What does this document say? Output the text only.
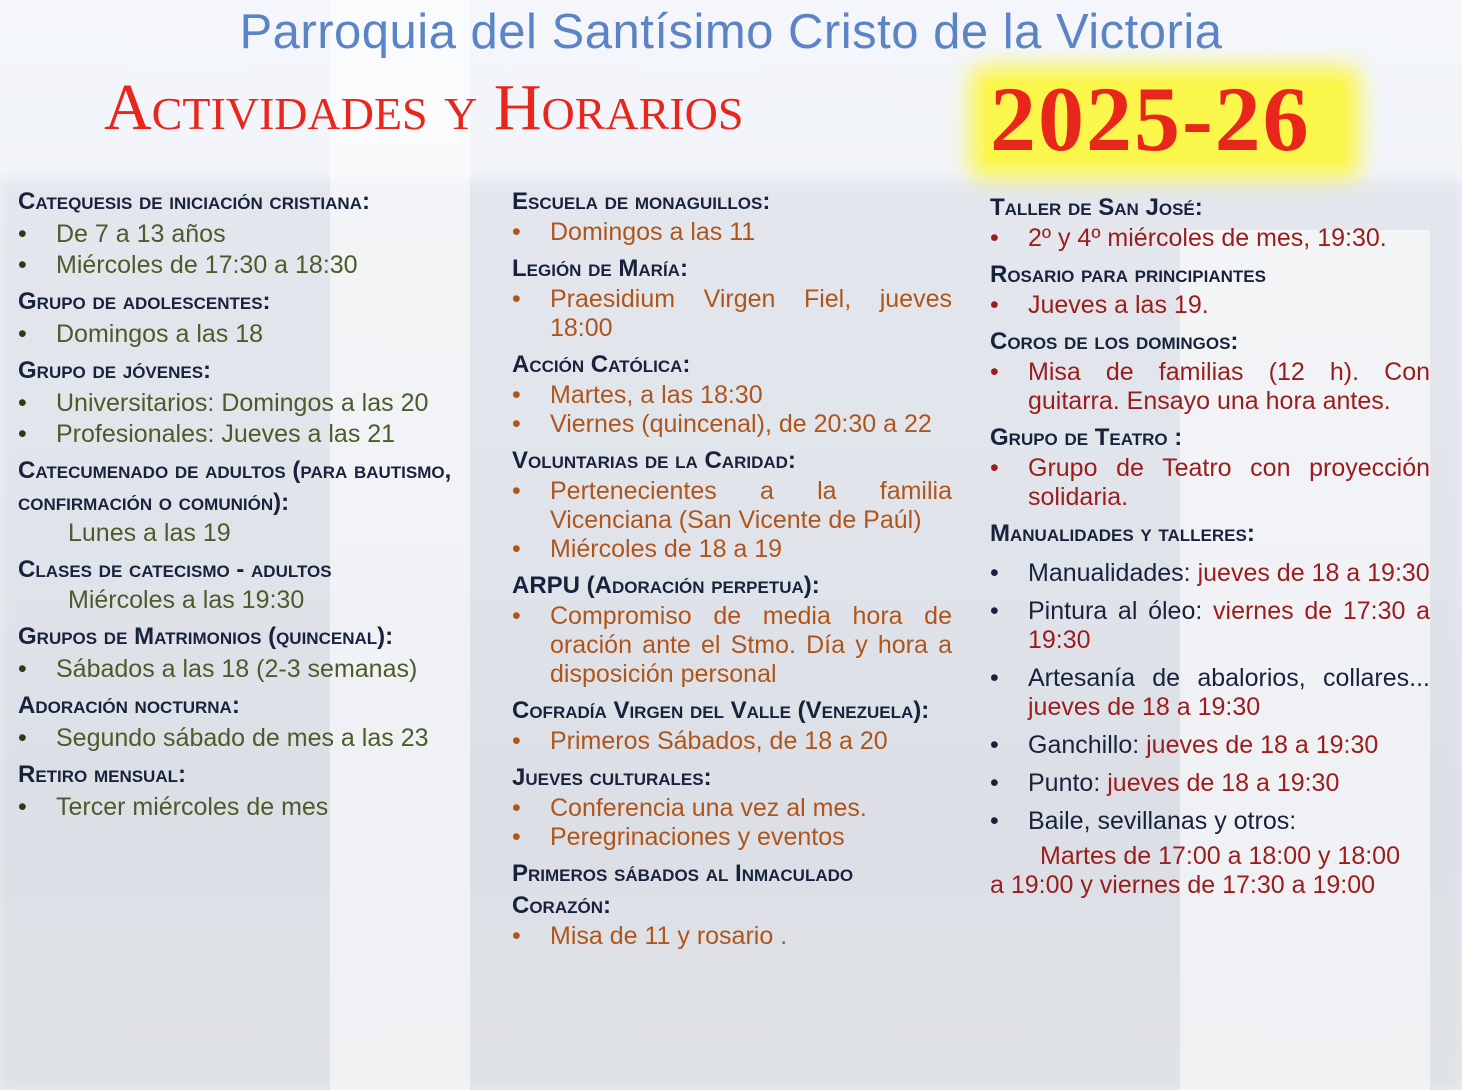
Parroquia del Santísimo Cristo de la Victoria
Actividades y Horarios	2025-26
Catequesis de iniciación cristiana:
• De 7 a 13 años
• Miércoles de 17:30 a 18:30
Grupo de adolescentes:
• Domingos a las 18
Grupo de jóvenes:
• Universitarios: Domingos a las 20
• Profesionales: Jueves a las 21
Catecumenado de adultos (para bautismo, confirmación o comunión):
Lunes a las 19
Clases de catecismo - adultos
Miércoles a las 19:30
Grupos de Matrimonios (quincenal):
• Sábados a las 18 (2-3 semanas)
Adoración nocturna:
• Segundo sábado de mes a las 23
Retiro mensual:
• Tercer miércoles de mes
Escuela de monaguillos:
• Domingos a las 11
Legión de María:
• Praesidium Virgen Fiel, jueves 18:00
Acción Católica:
• Martes, a las 18:30
• Viernes (quincenal), de 20:30 a 22
Voluntarias de la Caridad:
• Pertenecientes a la familia Vicenciana (San Vicente de Paúl)
• Miércoles de 18 a 19
ARPU (Adoración perpetua):
• Compromiso de media hora de oración ante el Stmo. Día y hora a disposición personal
Cofradía Virgen del Valle (Venezuela):
• Primeros Sábados, de 18 a 20
Jueves culturales:
• Conferencia una vez al mes.
• Peregrinaciones y eventos
Primeros sábados al Inmaculado Corazón:
• Misa de 11 y rosario .
Taller de San José:
• 2º y 4º miércoles de mes, 19:30.
Rosario para principiantes
• Jueves a las 19.
Coros de los domingos:
• Misa de familias (12 h). Con guitarra. Ensayo una hora antes.
Grupo de Teatro :
• Grupo de Teatro con proyección solidaria.
Manualidades y talleres:
• Manualidades: jueves de 18 a 19:30
• Pintura al óleo: viernes de 17:30 a 19:30
• Artesanía de abalorios, collares... jueves de 18 a 19:30
• Ganchillo: jueves de 18 a 19:30
• Punto: jueves de 18 a 19:30
• Baile, sevillanas y otros:
Martes de 17:00 a 18:00 y 18:00
a 19:00 y viernes de 17:30 a 19:00
